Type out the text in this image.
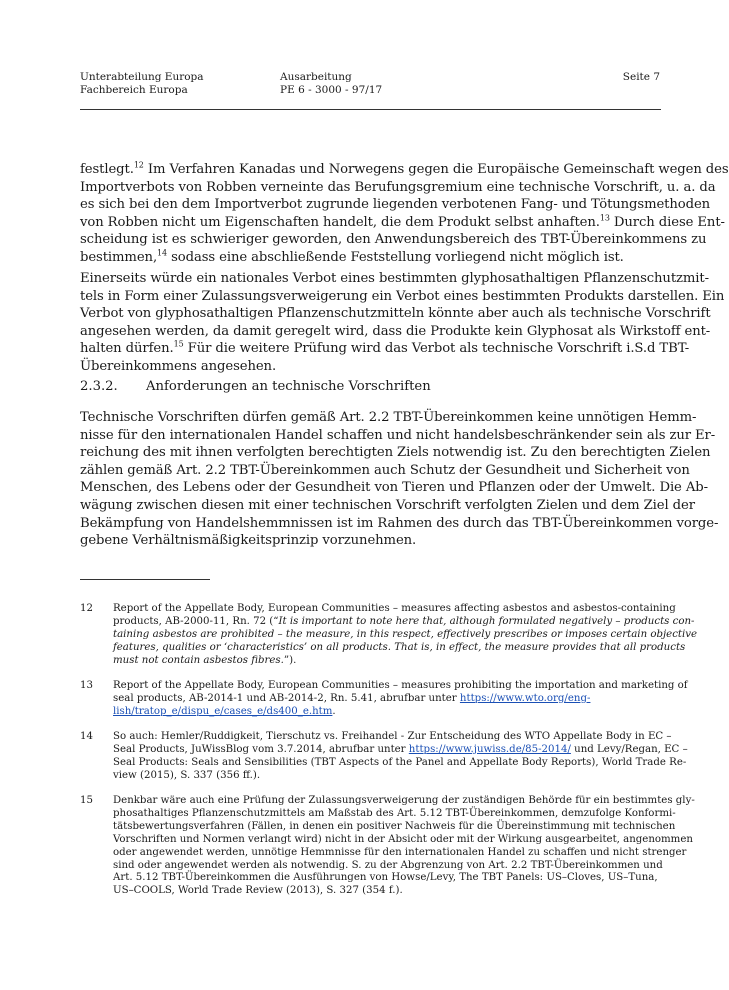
Unterabteilung Europa
Fachbereich Europa
Ausarbeitung
PE 6 - 3000 - 97/17
Seite 7

festlegt.$^{12}$ Im Verfahren Kanadas und Norwegens gegen die Europäische Gemeinschaft wegen des
Importverbots von Robben verneinte das Berufungsgremium eine technische Vorschrift, u. a. da
es sich bei den dem Importverbot zugrunde liegenden verbotenen Fang- und Tötungsmethoden
von Robben nicht um Eigenschaften handelt, die dem Produkt selbst anhaften.$^{13}$ Durch diese Ent-
scheidung ist es schwieriger geworden, den Anwendungsbereich des TBT-Übereinkommens zu
bestimmen,$^{14}$ sodass eine abschließende Feststellung vorliegend nicht möglich ist.

Einerseits würde ein nationales Verbot eines bestimmten glyphosathaltigen Pflanzenschutzmit-
tels in Form einer Zulassungsverweigerung ein Verbot eines bestimmten Produkts darstellen. Ein
Verbot von glyphosathaltigen Pflanzenschutzmitteln könnte aber auch als technische Vorschrift
angesehen werden, da damit geregelt wird, dass die Produkte kein Glyphosat als Wirkstoff ent-
halten dürfen.$^{15}$ Für die weitere Prüfung wird das Verbot als technische Vorschrift i.S.d TBT-
Übereinkommens angesehen.

2.3.2. Anforderungen an technische Vorschriften

Technische Vorschriften dürfen gemäß Art. 2.2 TBT-Übereinkommen keine unnötigen Hemm-
nisse für den internationalen Handel schaffen und nicht handelsbeschränkender sein als zur Er-
reichung des mit ihnen verfolgten berechtigten Ziels notwendig ist. Zu den berechtigten Zielen
zählen gemäß Art. 2.2 TBT-Übereinkommen auch Schutz der Gesundheit und Sicherheit von
Menschen, des Lebens oder der Gesundheit von Tieren und Pflanzen oder der Umwelt. Die Ab-
wägung zwischen diesen mit einer technischen Vorschrift verfolgten Zielen und dem Ziel der
Bekämpfung von Handelshemmnissen ist im Rahmen des durch das TBT-Übereinkommen vorge-
gebene Verhältnismäßigkeitsprinzip vorzunehmen.

12 Report of the Appellate Body, European Communities – measures affecting asbestos and asbestos-containing
products, AB-2000-11, Rn. 72 (“It is important to note here that, although formulated negatively – products con-
taining asbestos are prohibited – the measure, in this respect, effectively prescribes or imposes certain objective
features, qualities or ‘characteristics’ on all products. That is, in effect, the measure provides that all products
must not contain asbestos fibres.”).
13 Report of the Appellate Body, European Communities – measures prohibiting the importation and marketing of
seal products, AB-2014-1 und AB-2014-2, Rn. 5.41, abrufbar unter https://www.wto.org/eng-
lish/tratop_e/dispu_e/cases_e/ds400_e.htm.
14 So auch: Hemler/Ruddigkeit, Tierschutz vs. Freihandel - Zur Entscheidung des WTO Appellate Body in EC –
Seal Products, JuWissBlog vom 3.7.2014, abrufbar unter https://www.juwiss.de/85-2014/ und Levy/Regan, EC –
Seal Products: Seals and Sensibilities (TBT Aspects of the Panel and Appellate Body Reports), World Trade Re-
view (2015), S. 337 (356 ff.).
15 Denkbar wäre auch eine Prüfung der Zulassungsverweigerung der zuständigen Behörde für ein bestimmtes gly-
phosathaltiges Pflanzenschutzmittels am Maßstab des Art. 5.12 TBT-Übereinkommen, demzufolge Konformi-
tätsbewertungsverfahren (Fällen, in denen ein positiver Nachweis für die Übereinstimmung mit technischen
Vorschriften und Normen verlangt wird) nicht in der Absicht oder mit der Wirkung ausgearbeitet, angenommen
oder angewendet werden, unnötige Hemmnisse für den internationalen Handel zu schaffen und nicht strenger
sind oder angewendet werden als notwendig. S. zu der Abgrenzung von Art. 2.2 TBT-Übereinkommen und
Art. 5.12 TBT-Übereinkommen die Ausführungen von Howse/Levy, The TBT Panels: US–Cloves, US–Tuna,
US–COOLS, World Trade Review (2013), S. 327 (354 f.).
